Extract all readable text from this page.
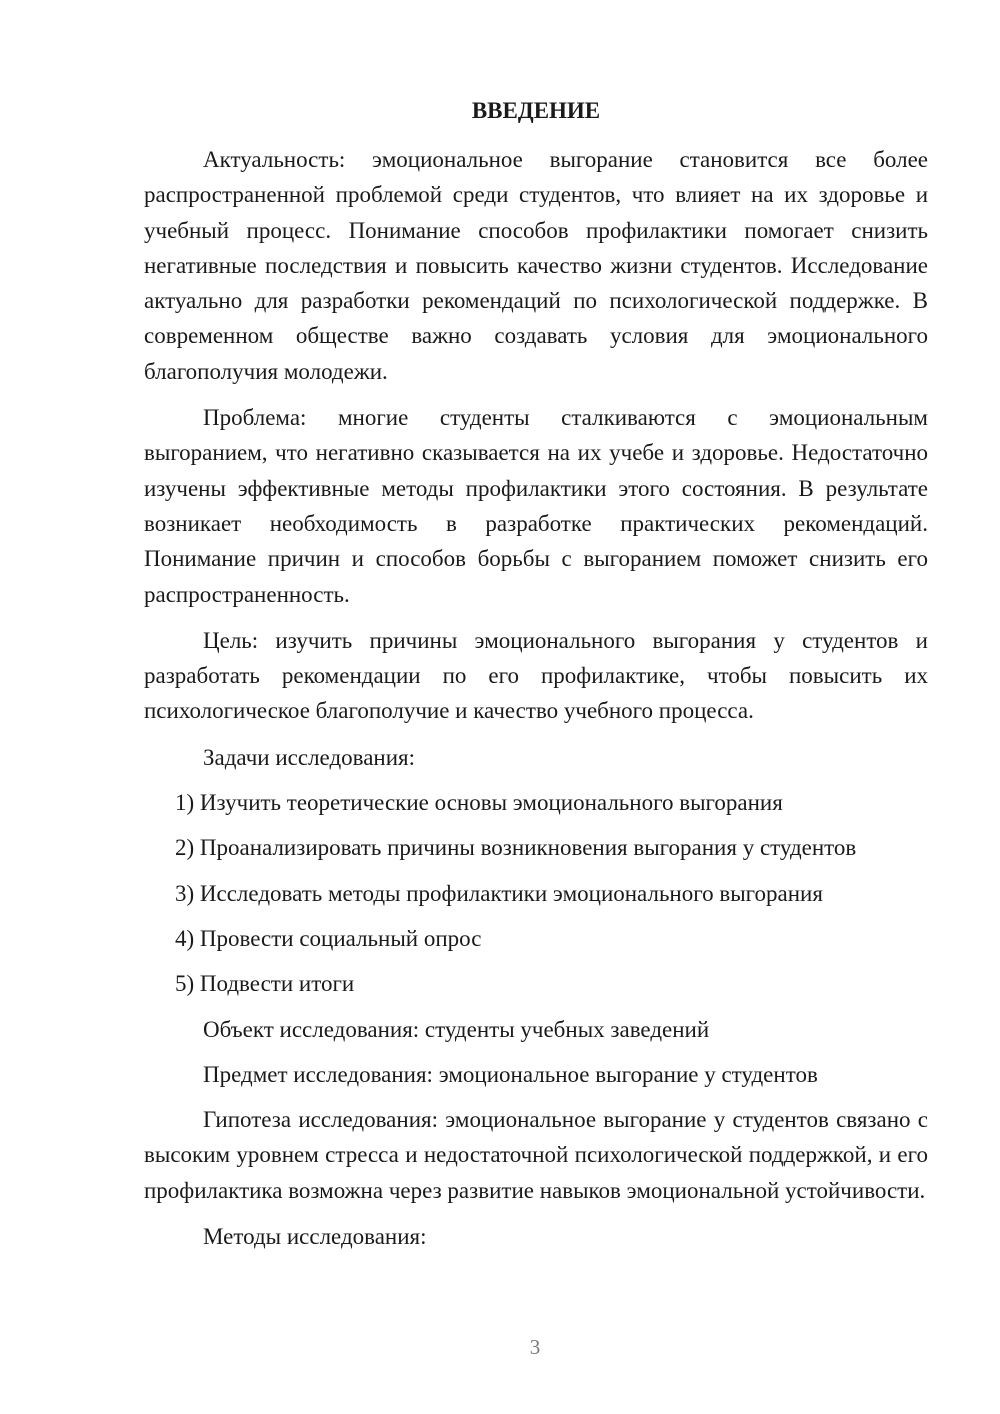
ВВЕДЕНИЕ

Актуальность: эмоциональное выгорание становится все более распространенной проблемой среди студентов, что влияет на их здоровье и учебный процесс. Понимание способов профилактики помогает снизить негативные последствия и повысить качество жизни студентов. Исследование актуально для разработки рекомендаций по психологической поддержке. В современном обществе важно создавать условия для эмоционального благополучия молодежи.

Проблема: многие студенты сталкиваются с эмоциональным выгоранием, что негативно сказывается на их учебе и здоровье. Недостаточно изучены эффективные методы профилактики этого состояния. В результате возникает необходимость в разработке практических рекомендаций. Понимание причин и способов борьбы с выгоранием поможет снизить его распространенность.

Цель: изучить причины эмоционального выгорания у студентов и разработать рекомендации по его профилактике, чтобы повысить их психологическое благополучие и качество учебного процесса.

Задачи исследования:
1) Изучить теоретические основы эмоционального выгорания
2) Проанализировать причины возникновения выгорания у студентов
3) Исследовать методы профилактики эмоционального выгорания
4) Провести социальный опрос
5) Подвести итоги
Объект исследования: студенты учебных заведений
Предмет исследования: эмоциональное выгорание у студентов

Гипотеза исследования: эмоциональное выгорание у студентов связано с высоким уровнем стресса и недостаточной психологической поддержкой, и его профилактика возможна через развитие навыков эмоциональной устойчивости.

Методы исследования:
3
